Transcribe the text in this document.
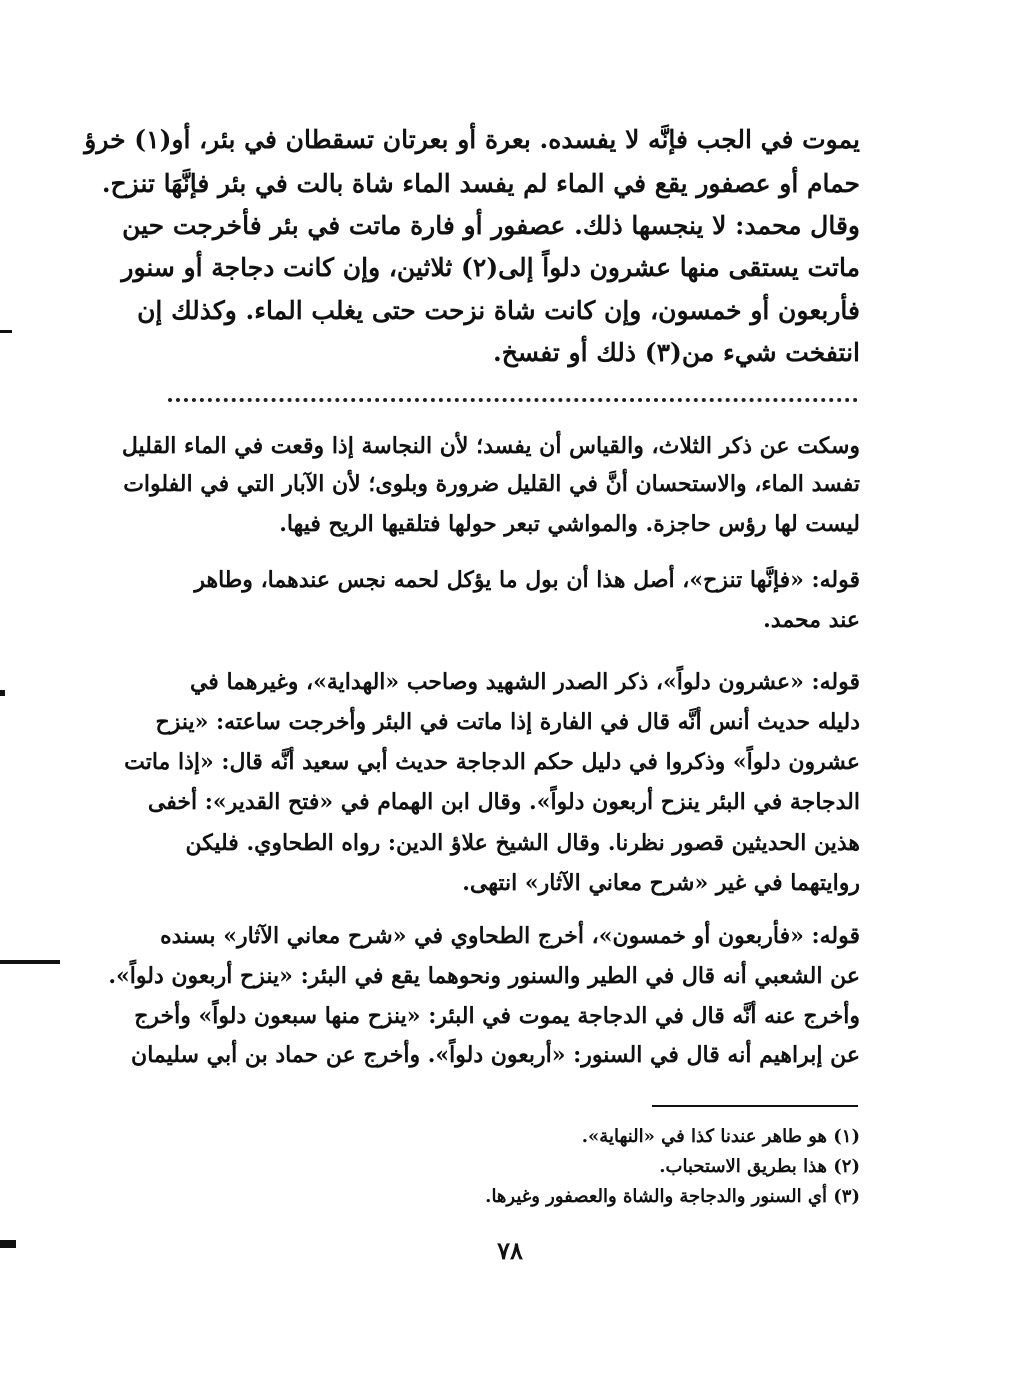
يموت في الجب فإنَّه لا يفسده. بعرة أو بعرتان تسقطان في بئر، أو(١) خرؤ
حمام أو عصفور يقع في الماء لم يفسد الماء شاة بالت في بئر فإنَّهَا تنزح.
وقال محمد: لا ينجسها ذلك. عصفور أو فارة ماتت في بئر فأخرجت حين
ماتت يستقى منها عشرون دلواً إلى(٢) ثلاثين، وإن كانت دجاجة أو سنور
فأربعون أو خمسون، وإن كانت شاة نزحت حتى يغلب الماء. وكذلك إن
انتفخت شيء من(٣) ذلك أو تفسخ.
وسكت عن ذكر الثلاث، والقياس أن يفسد؛ لأن النجاسة إذا وقعت في الماء القليل
تفسد الماء، والاستحسان أنَّ في القليل ضرورة وبلوى؛ لأن الآبار التي في الفلوات
ليست لها رؤس حاجزة. والمواشي تبعر حولها فتلقيها الريح فيها.
قوله: «فإنَّها تنزح»، أصل هذا أن بول ما يؤكل لحمه نجس عندهما، وطاهر
عند محمد.
قوله: «عشرون دلواً»، ذكر الصدر الشهيد وصاحب «الهداية»، وغيرهما في
دليله حديث أنس أنَّه قال في الفارة إذا ماتت في البئر وأخرجت ساعته: «ينزح
عشرون دلواً» وذكروا في دليل حكم الدجاجة حديث أبي سعيد أنَّه قال: «إذا ماتت
الدجاجة في البئر ينزح أربعون دلواً». وقال ابن الهمام في «فتح القدير»: أخفى
هذين الحديثين قصور نظرنا. وقال الشيخ علاؤ الدين: رواه الطحاوي. فليكن
روايتهما في غير «شرح معاني الآثار» انتهى.
قوله: «فأربعون أو خمسون»، أخرج الطحاوي في «شرح معاني الآثار» بسنده
عن الشعبي أنه قال في الطير والسنور ونحوهما يقع في البئر: «ينزح أربعون دلواً».
وأخرج عنه أنَّه قال في الدجاجة يموت في البئر: «ينزح منها سبعون دلواً» وأخرج
عن إبراهيم أنه قال في السنور: «أربعون دلواً». وأخرج عن حماد بن أبي سليمان
(١) هو طاهر عندنا كذا في «النهاية».
(٢) هذا بطريق الاستحباب.
(٣) أي السنور والدجاجة والشاة والعصفور وغيرها.
٧٨
